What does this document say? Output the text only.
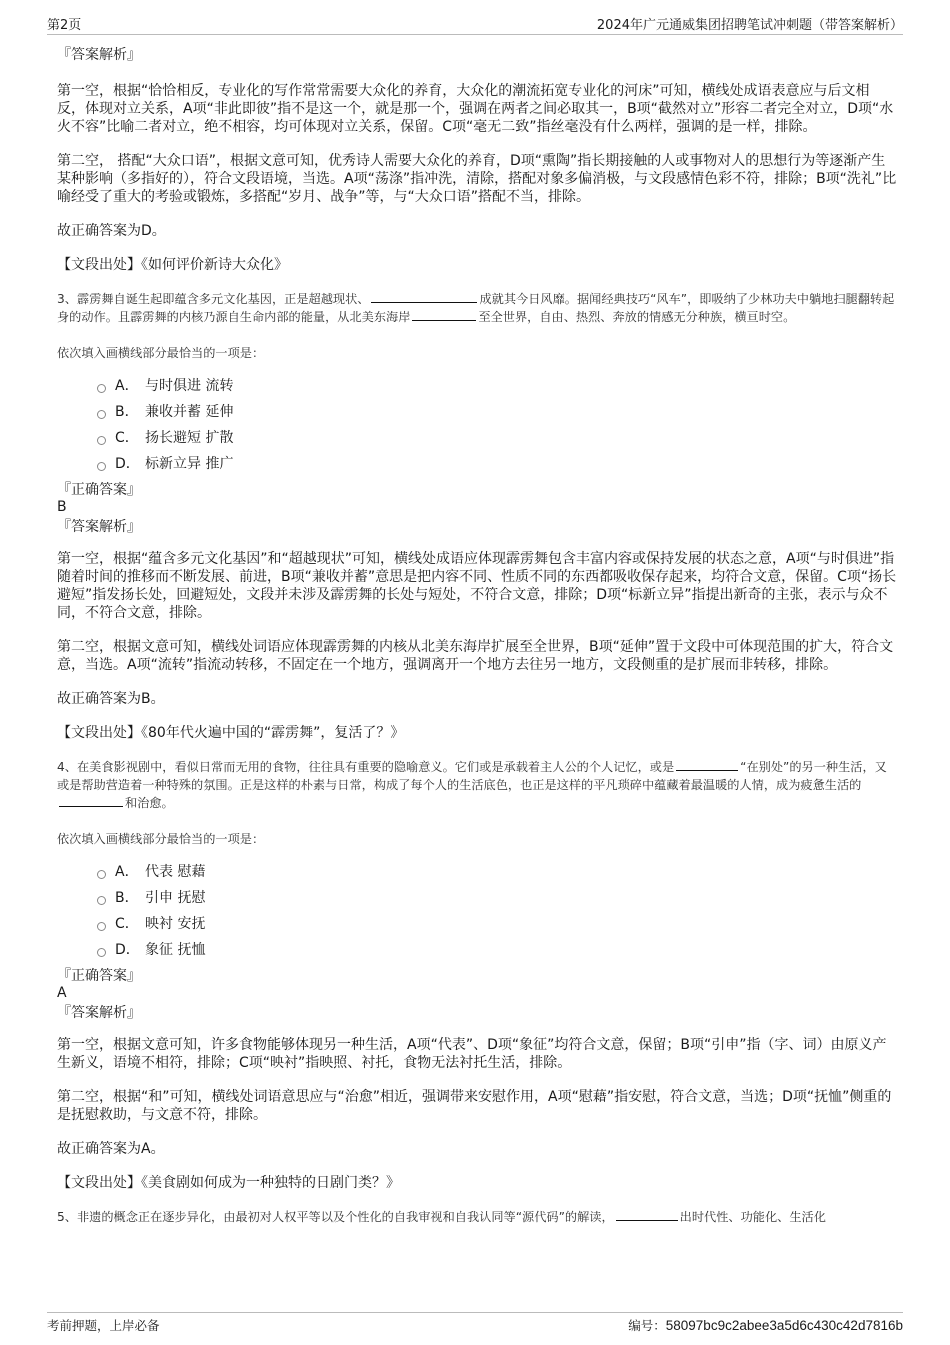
第2页	2024年广元通威集团招聘笔试冲刺题（带答案解析）

『答案解析』

第一空，根据“恰恰相反，专业化的写作常常需要大众化的养育，大众化的潮流拓宽专业化的河床”可知，横线处成语表意应与后文相反，体现对立关系，A项“非此即彼”指不是这一个，就是那一个，强调在两者之间必取其一，B项“截然对立”形容二者完全对立，D项“水火不容”比喻二者对立，绝不相容，均可体现对立关系，保留。C项“毫无二致”指丝毫没有什么两样，强调的是一样，排除。

第二空， 搭配“大众口语”，根据文意可知，优秀诗人需要大众化的养育，D项“熏陶”指长期接触的人或事物对人的思想行为等逐渐产生某种影响（多指好的），符合文段语境，当选。A项“荡涤”指冲洗，清除，搭配对象多偏消极，与文段感情色彩不符，排除；B项“洗礼”比喻经受了重大的考验或锻炼，多搭配“岁月、战争”等，与“大众口语”搭配不当，排除。

故正确答案为D。

【文段出处】《如何评价新诗大众化》

3、霹雳舞自诞生起即蕴含多元文化基因，正是超越现状、	成就其今日风靡。据闻经典技巧“风车”，即吸纳了少林功夫中躺地扫腿翻转起身的动作。且霹雳舞的内核乃源自生命内部的能量，从北美东海岸	至全世界，自由、热烈、奔放的情感无分种族，横亘时空。

依次填入画横线部分最恰当的一项是：

A． 与时俱进 流转
B． 兼收并蓄 延伸
C． 扬长避短 扩散
D． 标新立异 推广

『正确答案』

B

『答案解析』

第一空，根据“蕴含多元文化基因”和“超越现状”可知，横线处成语应体现霹雳舞包含丰富内容或保持发展的状态之意，A项“与时俱进”指随着时间的推移而不断发展、前进，B项“兼收并蓄”意思是把内容不同、性质不同的东西都吸收保存起来，均符合文意，保留。C项“扬长避短”指发扬长处，回避短处，文段并未涉及霹雳舞的长处与短处，不符合文意，排除；D项“标新立异”指提出新奇的主张，表示与众不同，不符合文意，排除。

第二空，根据文意可知，横线处词语应体现霹雳舞的内核从北美东海岸扩展至全世界，B项“延伸”置于文段中可体现范围的扩大，符合文意，当选。A项“流转”指流动转移，不固定在一个地方，强调离开一个地方去往另一地方，文段侧重的是扩展而非转移，排除。

故正确答案为B。

【文段出处】《80年代火遍中国的“霹雳舞”，复活了？》

4、在美食影视剧中，看似日常而无用的食物，往往具有重要的隐喻意义。它们或是承载着主人公的个人记忆，或是	“在别处”的另一种生活，又或是帮助营造着一种特殊的氛围。正是这样的朴素与日常，构成了每个人的生活底色，也正是这样的平凡琐碎中蕴藏着最温暖的人情，成为疲惫生活的和治愈。

依次填入画横线部分最恰当的一项是：

A． 代表 慰藉
B． 引申 抚慰
C． 映衬 安抚
D． 象征 抚恤

『正确答案』

A

『答案解析』

第一空，根据文意可知，许多食物能够体现另一种生活，A项“代表”、D项“象征”均符合文意，保留；B项“引申”指（字、词）由原义产生新义，语境不相符，排除；C项“映衬”指映照、衬托，食物无法衬托生活，排除。

第二空，根据“和”可知，横线处词语意思应与“治愈”相近，强调带来安慰作用，A项“慰藉”指安慰，符合文意，当选；D项“抚恤”侧重的是抚慰救助，与文意不符，排除。

故正确答案为A。

【文段出处】《美食剧如何成为一种独特的日剧门类？》

5、非遗的概念正在逐步异化，由最初对人权平等以及个性化的自我审视和自我认同等“源代码”的解读，	出时代性、功能化、生活化

考前押题，上岸必备	编号：58097bc9c2abee3a5d6c430c42d7816b
